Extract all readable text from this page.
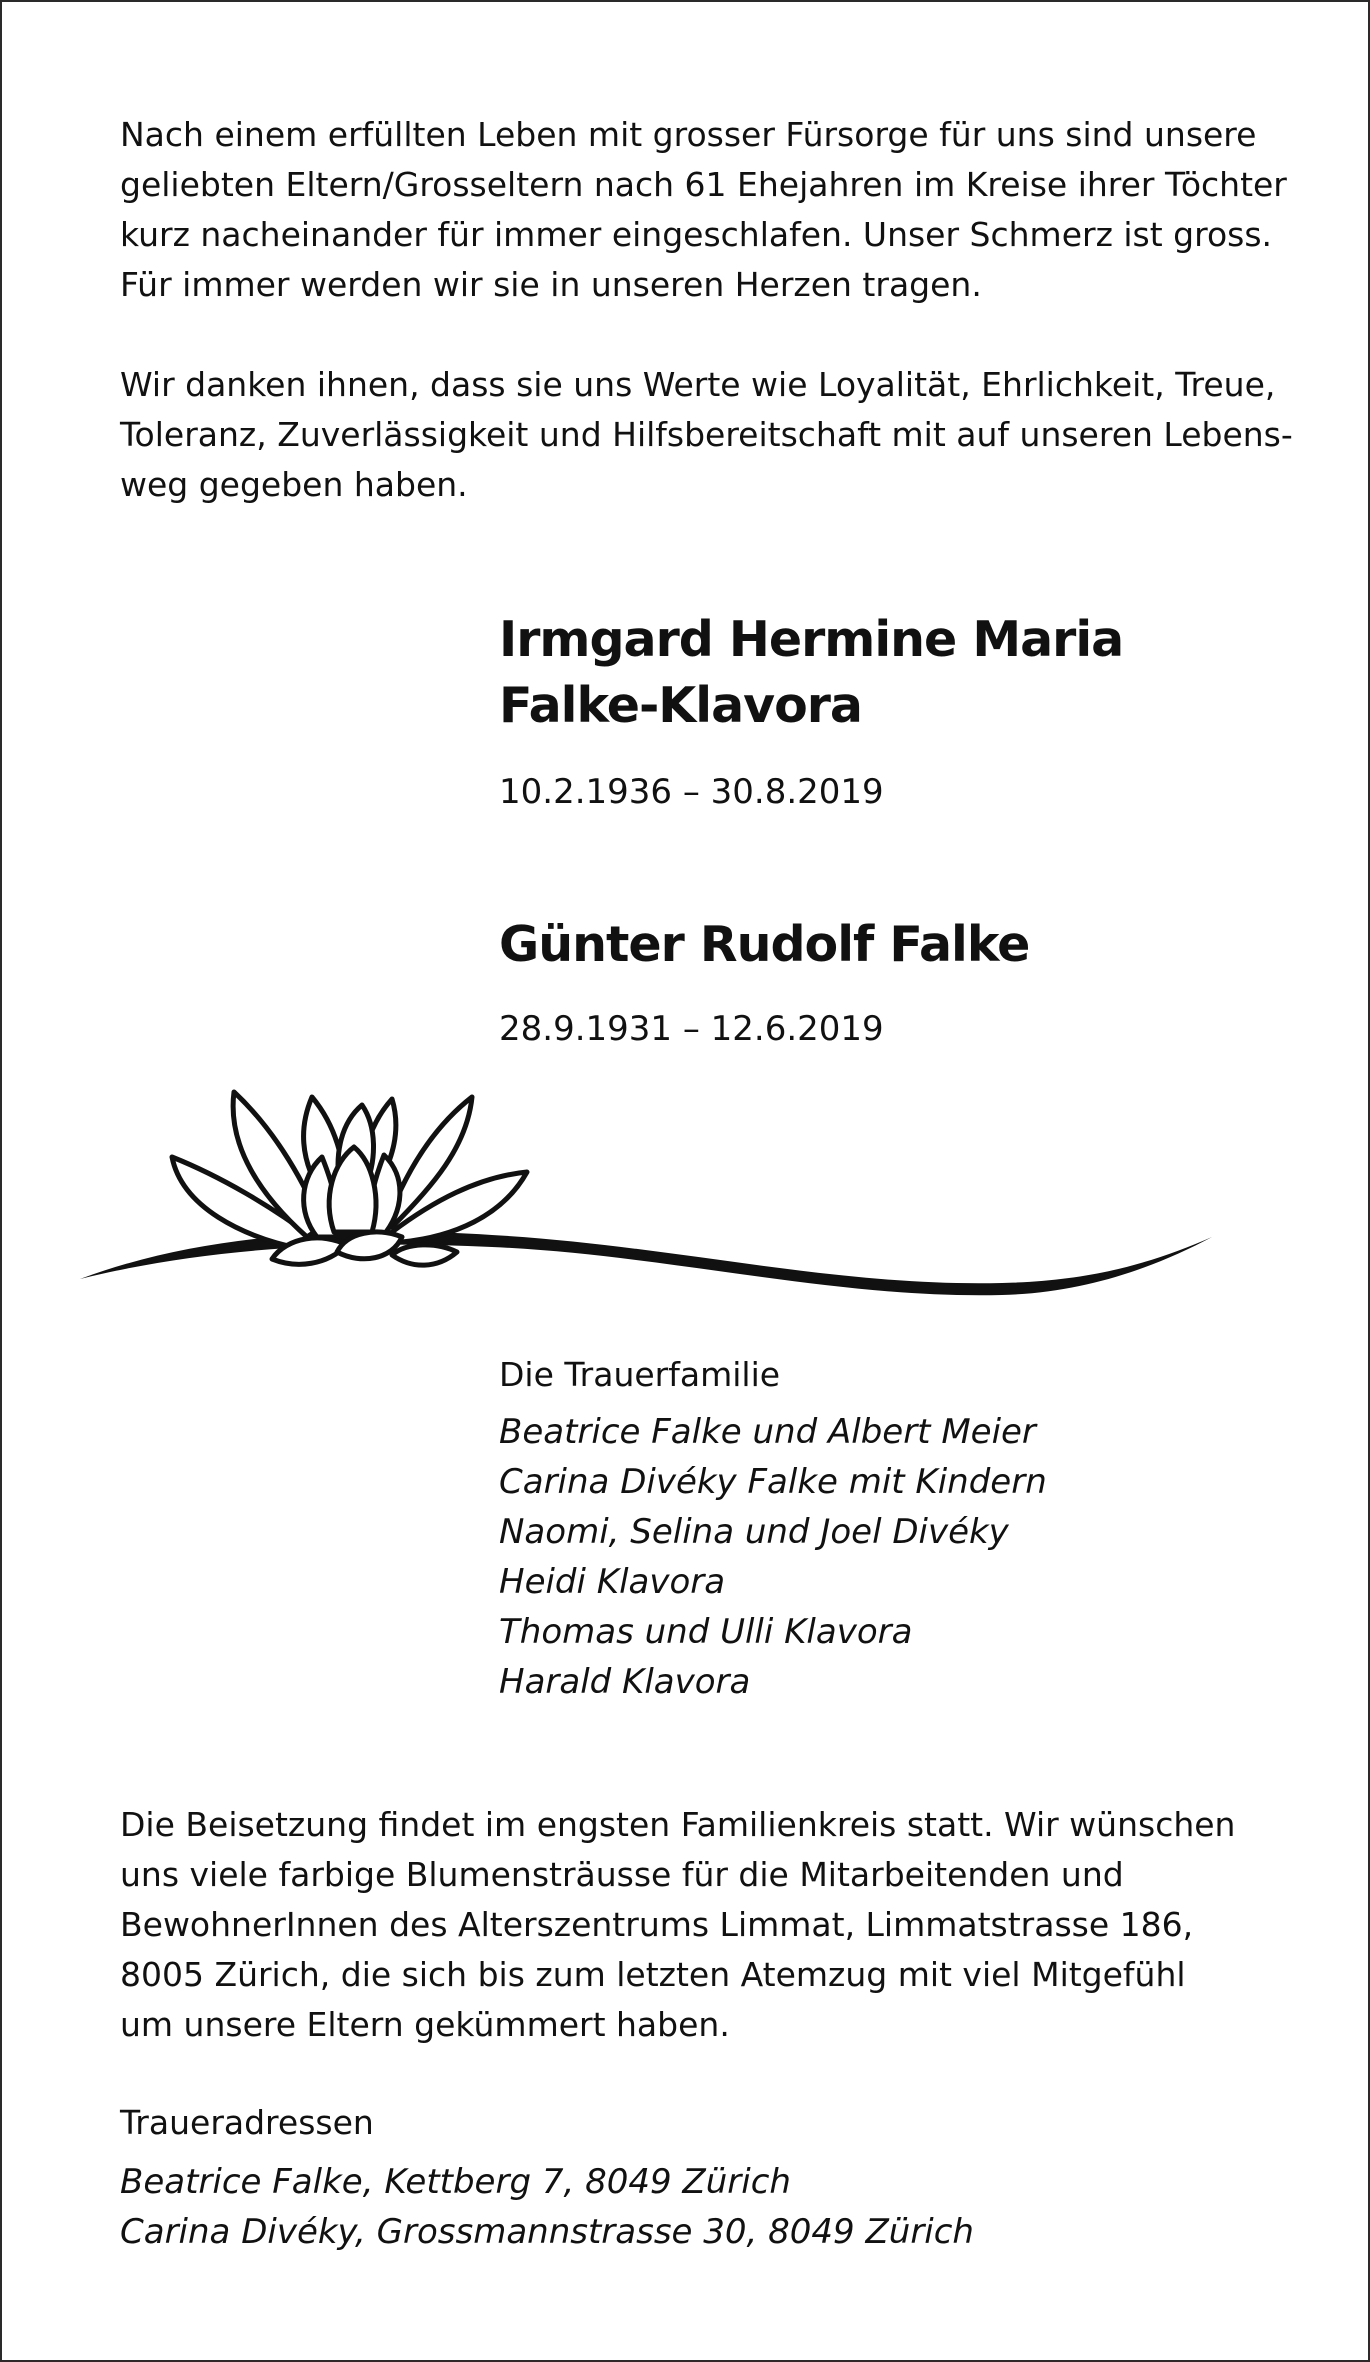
Nach einem erfüllten Leben mit grosser Fürsorge für uns sind unsere
geliebten Eltern/Grosseltern nach 61 Ehejahren im Kreise ihrer Töchter
kurz nacheinander für immer eingeschlafen. Unser Schmerz ist gross.
Für immer werden wir sie in unseren Herzen tragen.
Wir danken ihnen, dass sie uns Werte wie Loyalität, Ehrlichkeit, Treue,
Toleranz, Zuverlässigkeit und Hilfsbereitschaft mit auf unseren Lebens-
weg gegeben haben.
Irmgard Hermine Maria
Falke-Klavora
10.2.1936 – 30.8.2019
Günter Rudolf Falke
28.9.1931 – 12.6.2019
Die Trauerfamilie
Beatrice Falke und Albert Meier
Carina Divéky Falke mit Kindern
Naomi, Selina und Joel Divéky
Heidi Klavora
Thomas und Ulli Klavora
Harald Klavora
Die Beisetzung findet im engsten Familienkreis statt. Wir wünschen
uns viele farbige Blumensträusse für die Mitarbeitenden und
BewohnerInnen des Alterszentrums Limmat, Limmatstrasse 186,
8005 Zürich, die sich bis zum letzten Atemzug mit viel Mitgefühl
um unsere Eltern gekümmert haben.
Traueradressen
Beatrice Falke, Kettberg 7, 8049 Zürich
Carina Divéky, Grossmannstrasse 30, 8049 Zürich
